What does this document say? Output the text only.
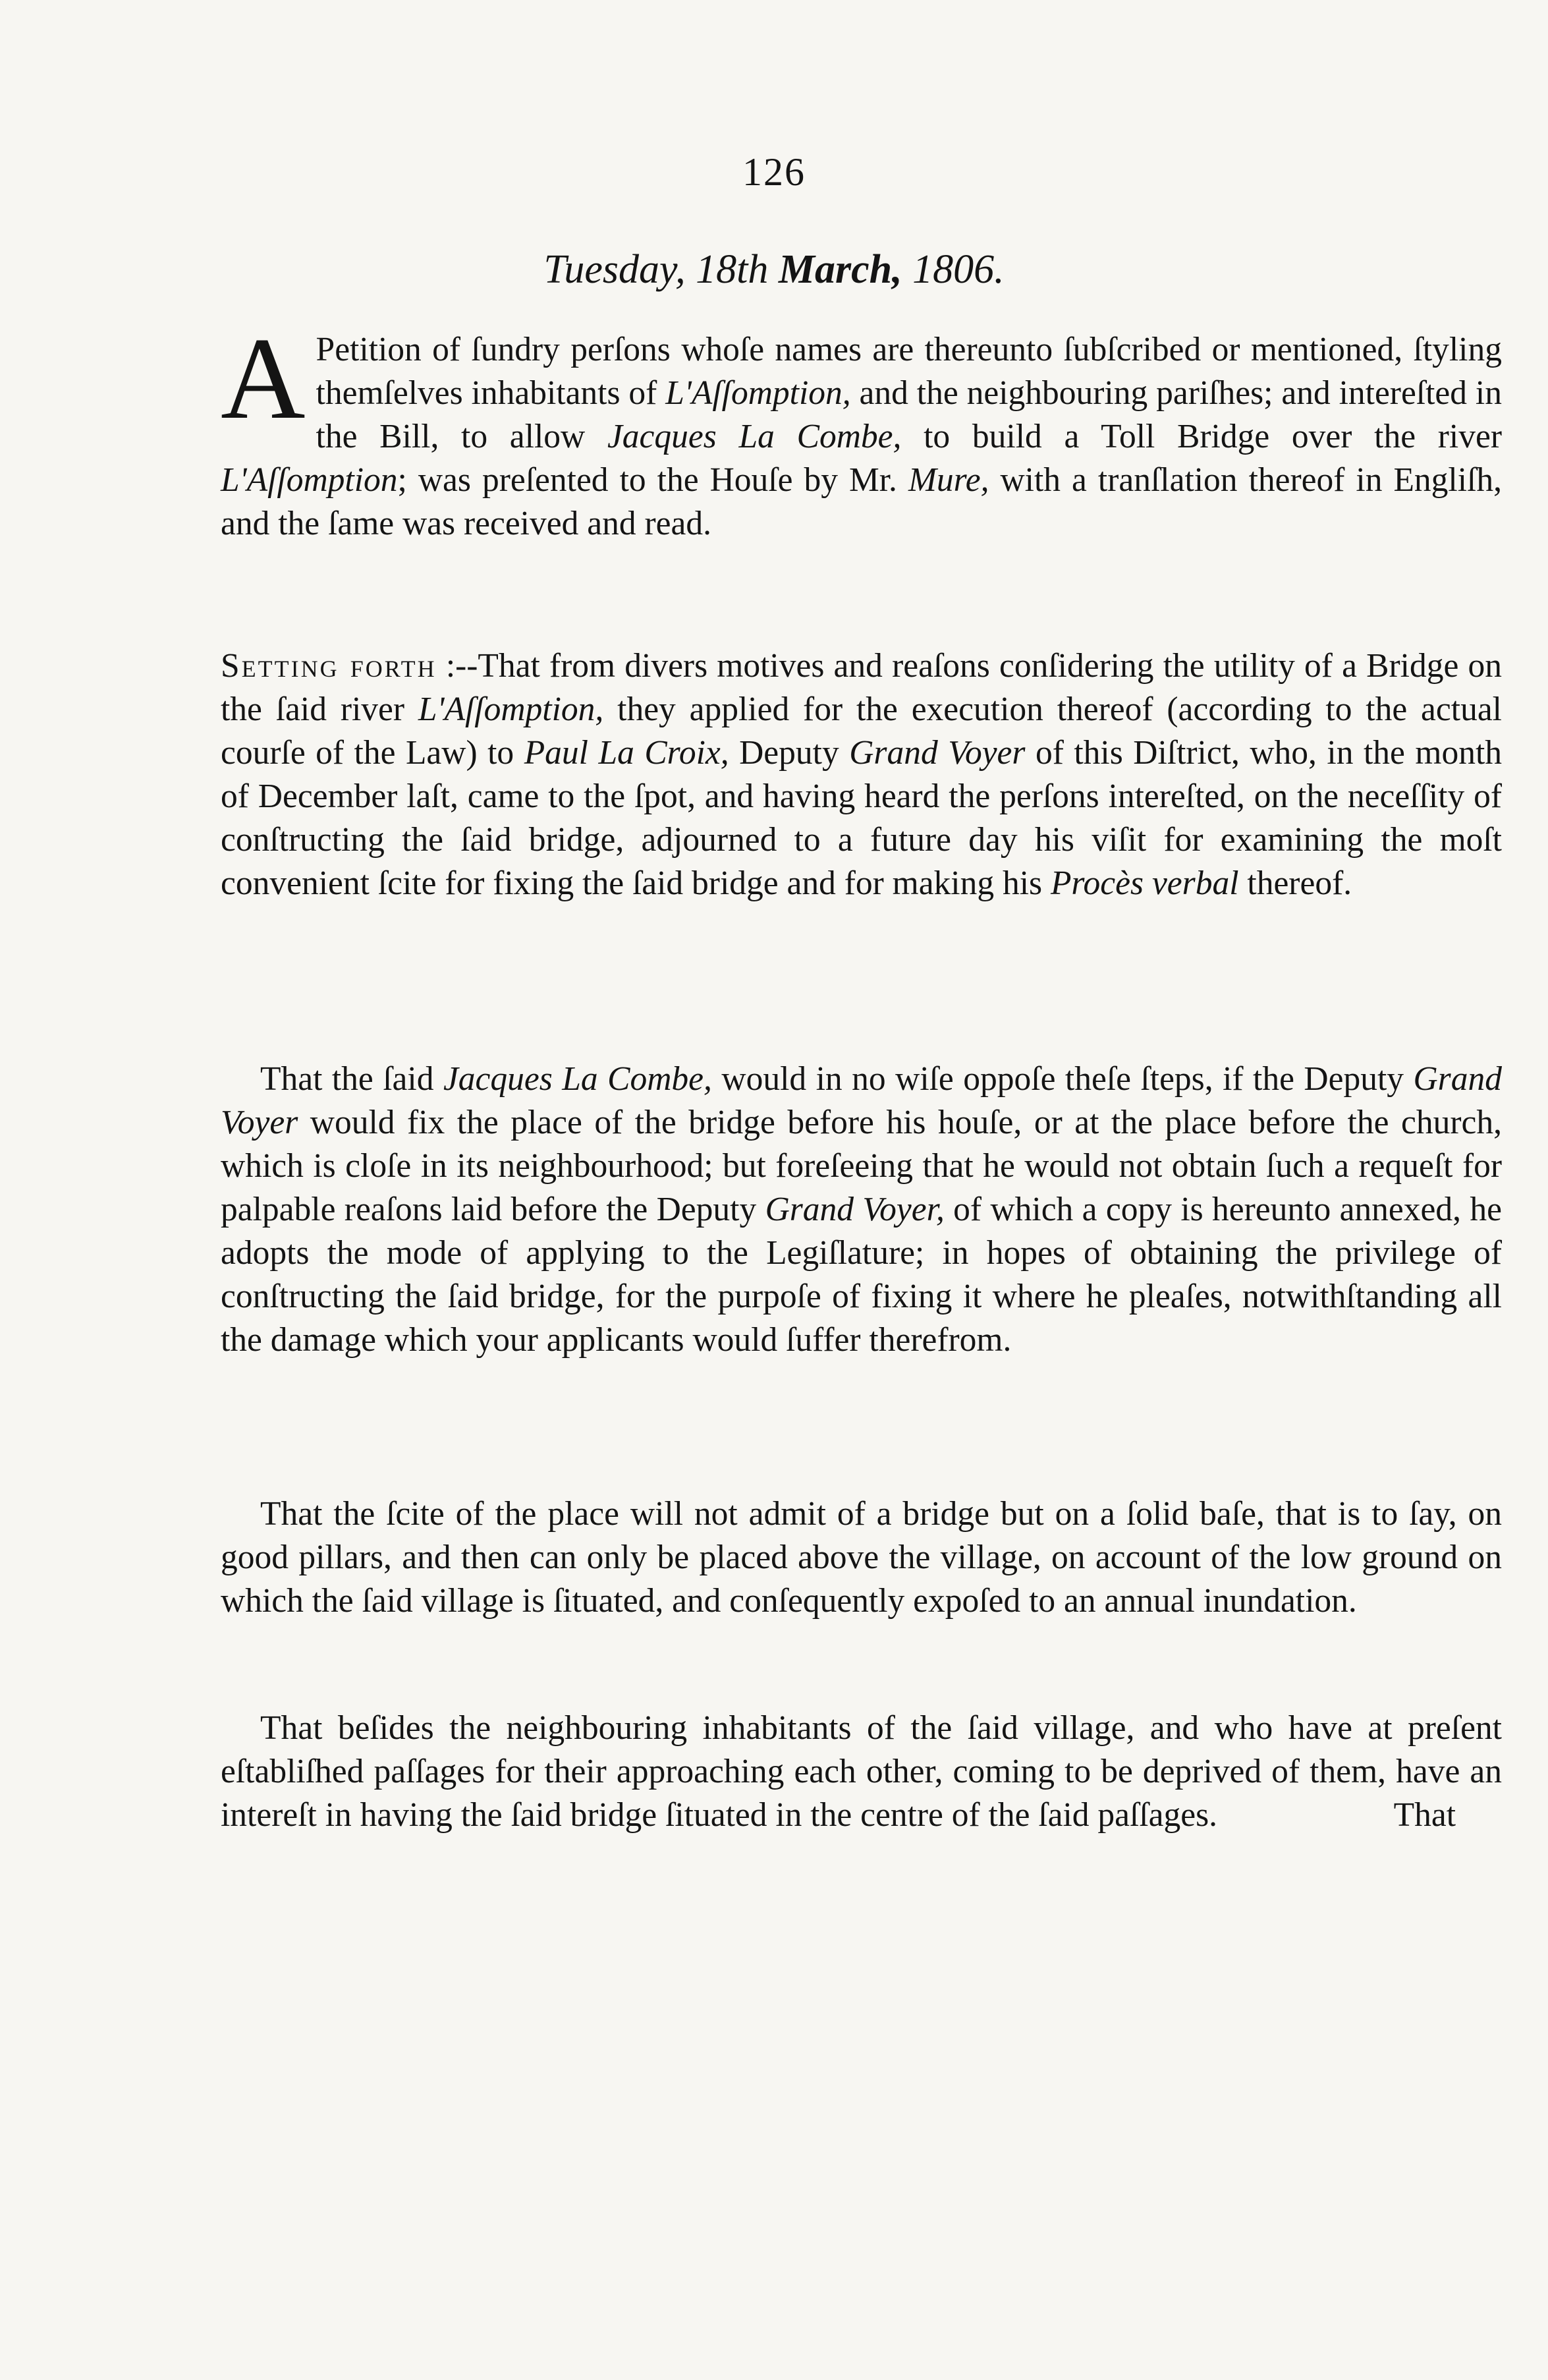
126
Tuesday, 18th March, 1806.

A Petition of ſundry perſons whoſe names are thereunto ſubſcribed or mentioned, ſtyling themſelves inhabitants of L'Aſſomption, and the neighbouring pariſhes; and intereſted in the Bill, to allow Jacques La Combe, to build a Toll Bridge over the river L'Aſſomption; was preſented to the Houſe by Mr. Mure, with a tranſlation thereof in Engliſh, and the ſame was received and read.

Setting forth :--That from divers motives and reaſons conſidering the utility of a Bridge on the ſaid river L'Aſſomption, they applied for the execution thereof (according to the actual courſe of the Law) to Paul La Croix, Deputy Grand Voyer of this Diſtrict, who, in the month of December laſt, came to the ſpot, and having heard the perſons intereſted, on the neceſſity of conſtructing the ſaid bridge, adjourned to a future day his viſit for examining the moſt convenient ſcite for fixing the ſaid bridge and for making his Procès verbal thereof.

That the ſaid Jacques La Combe, would in no wiſe oppoſe theſe ſteps, if the Deputy Grand Voyer would fix the place of the bridge before his houſe, or at the place before the church, which is cloſe in its neighbourhood; but foreſeeing that he would not obtain ſuch a requeſt for palpable reaſons laid before the Deputy Grand Voyer, of which a copy is hereunto annexed, he adopts the mode of applying to the Legiſlature; in hopes of obtaining the privilege of conſtructing the ſaid bridge, for the purpoſe of fixing it where he pleaſes, notwithſtanding all the damage which your applicants would ſuffer therefrom.

That the ſcite of the place will not admit of a bridge but on a ſolid baſe, that is to ſay, on good pillars, and then can only be placed above the village, on account of the low ground on which the ſaid village is ſituated, and conſequently expoſed to an annual inundation.

That beſides the neighbouring inhabitants of the ſaid village, and who have at preſent eſtabliſhed paſſages for their approaching each other, coming to be deprived of them, have an intereſt in having the ſaid bridge ſituated in the centre of the ſaid paſſages.	That
